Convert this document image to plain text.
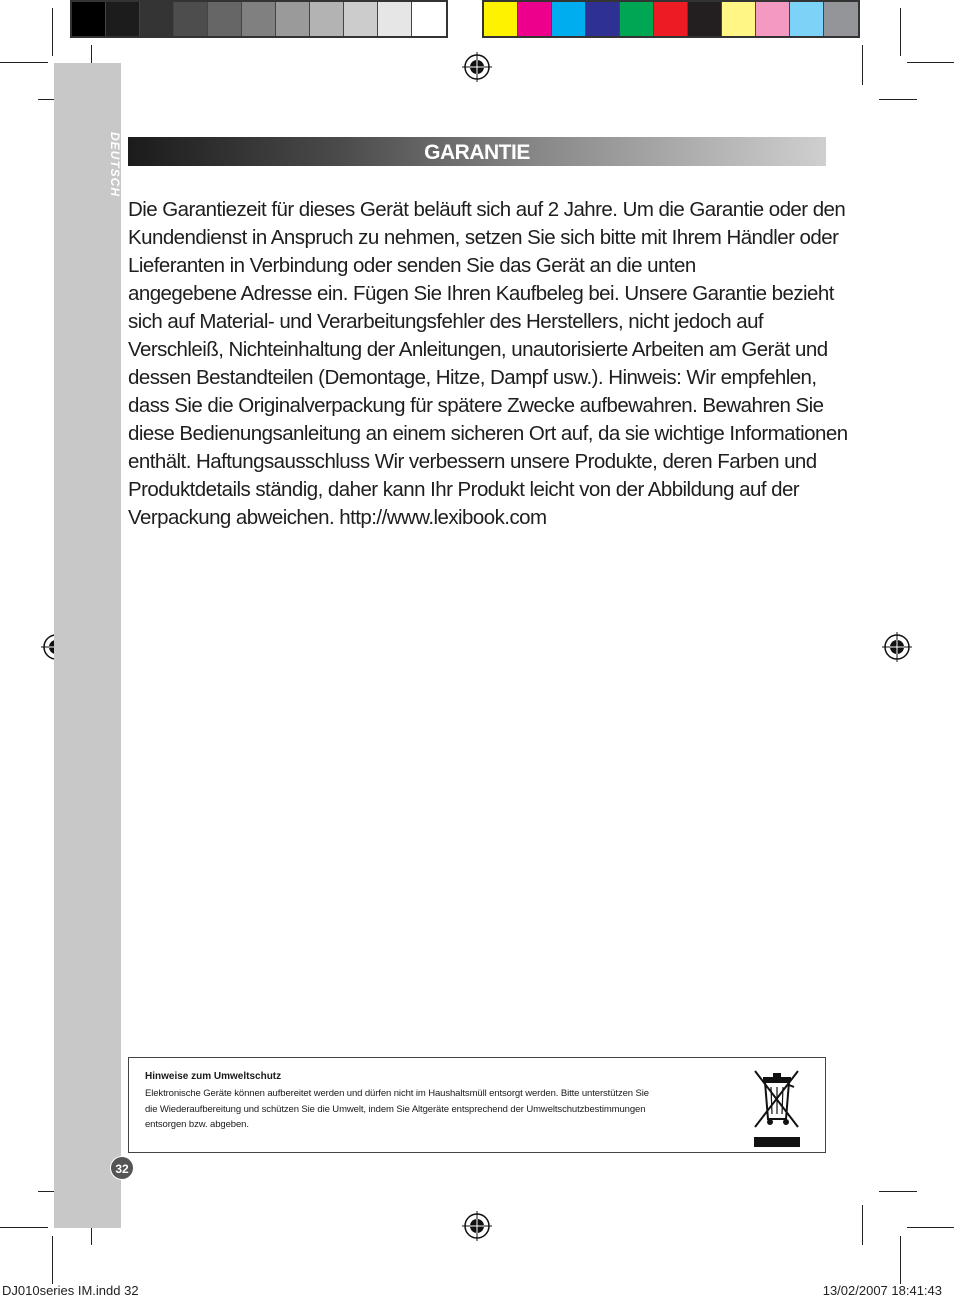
DEUTSCH	GARANTIE

Die Garantiezeit für dieses Gerät beläuft sich auf 2 Jahre. Um die Garantie oder den
Kundendienst in Anspruch zu nehmen, setzen Sie sich bitte mit Ihrem Händler oder
Lieferanten in Verbindung oder senden Sie das Gerät an die unten
angegebene Adresse ein. Fügen Sie Ihren Kaufbeleg bei. Unsere Garantie bezieht
sich auf Material- und Verarbeitungsfehler des Herstellers, nicht jedoch auf
Verschleiß, Nichteinhaltung der Anleitungen, unautorisierte Arbeiten am Gerät und
dessen Bestandteilen (Demontage, Hitze, Dampf usw.). Hinweis: Wir empfehlen,
dass Sie die Originalverpackung für spätere Zwecke aufbewahren. Bewahren Sie
diese Bedienungsanleitung an einem sicheren Ort auf, da sie wichtige Informationen
enthält. Haftungsausschluss Wir verbessern unsere Produkte, deren Farben und
Produktdetails ständig, daher kann Ihr Produkt leicht von der Abbildung auf der
Verpackung abweichen. http://www.lexibook.com

Hinweise zum Umweltschutz
Elektronische Geräte können aufbereitet werden und dürfen nicht im Haushaltsmüll entsorgt werden. Bitte unterstützen Sie
die Wiederaufbereitung und schützen Sie die Umwelt, indem Sie Altgeräte entsprechend der Umweltschutzbestimmungen
entsorgen bzw. abgeben.
32
DJ010series IM.indd 32	13/02/2007 18:41:43
